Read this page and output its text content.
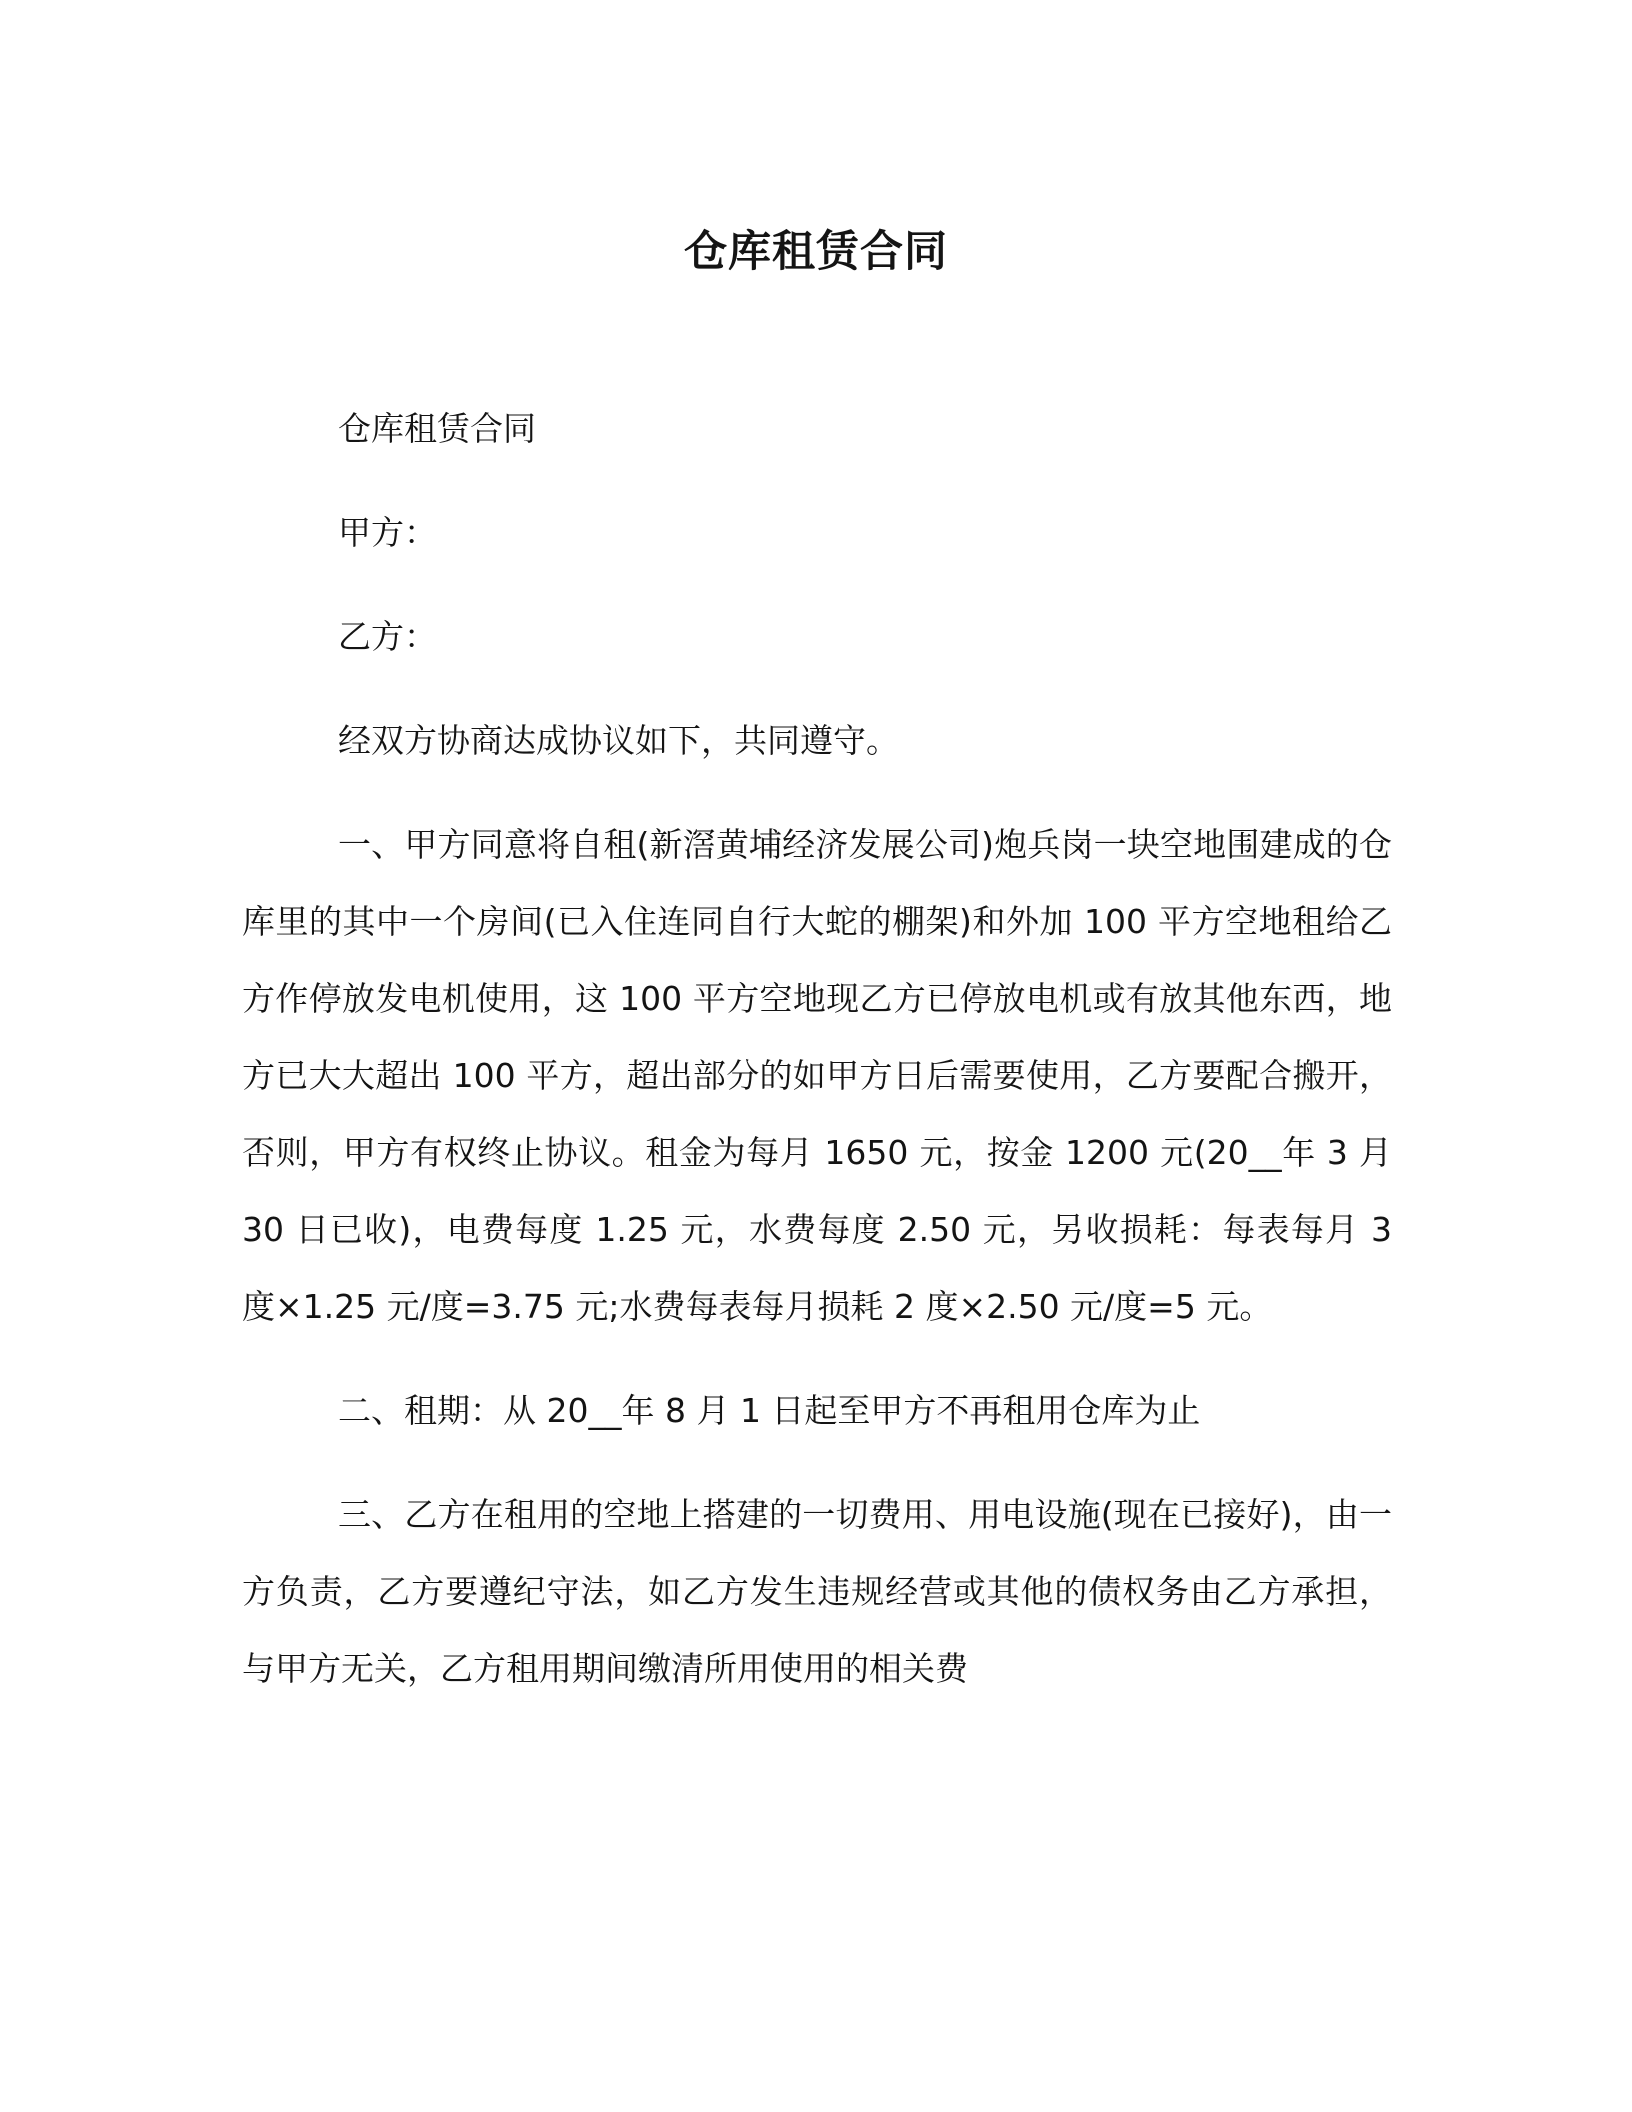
仓库租赁合同

仓库租赁合同

甲方：

乙方：

经双方协商达成协议如下，共同遵守。

一、甲方同意将自租(新滘黄埔经济发展公司)炮兵岗一块空地围建成的仓库里的其中一个房间(已入住连同自行大蛇的棚架)和外加 100 平方空地租给乙方作停放发电机使用，这 100 平方空地现乙方已停放电机或有放其他东西，地方已大大超出 100 平方，超出部分的如甲方日后需要使用，乙方要配合搬开，否则，甲方有权终止协议。租金为每月 1650 元，按金 1200 元(20__年 3 月 30 日已收)，电费每度 1.25 元，水费每度 2.50 元，另收损耗：每表每月 3 度×1.25 元/度=3.75 元;水费每表每月损耗 2 度×2.50 元/度=5 元。

二、租期：从 20__年 8 月 1 日起至甲方不再租用仓库为止

三、乙方在租用的空地上搭建的一切费用、用电设施(现在已接好)，由一方负责，乙方要遵纪守法，如乙方发生违规经营或其他的债权务由乙方承担，与甲方无关，乙方租用期间缴清所用使用的相关费
